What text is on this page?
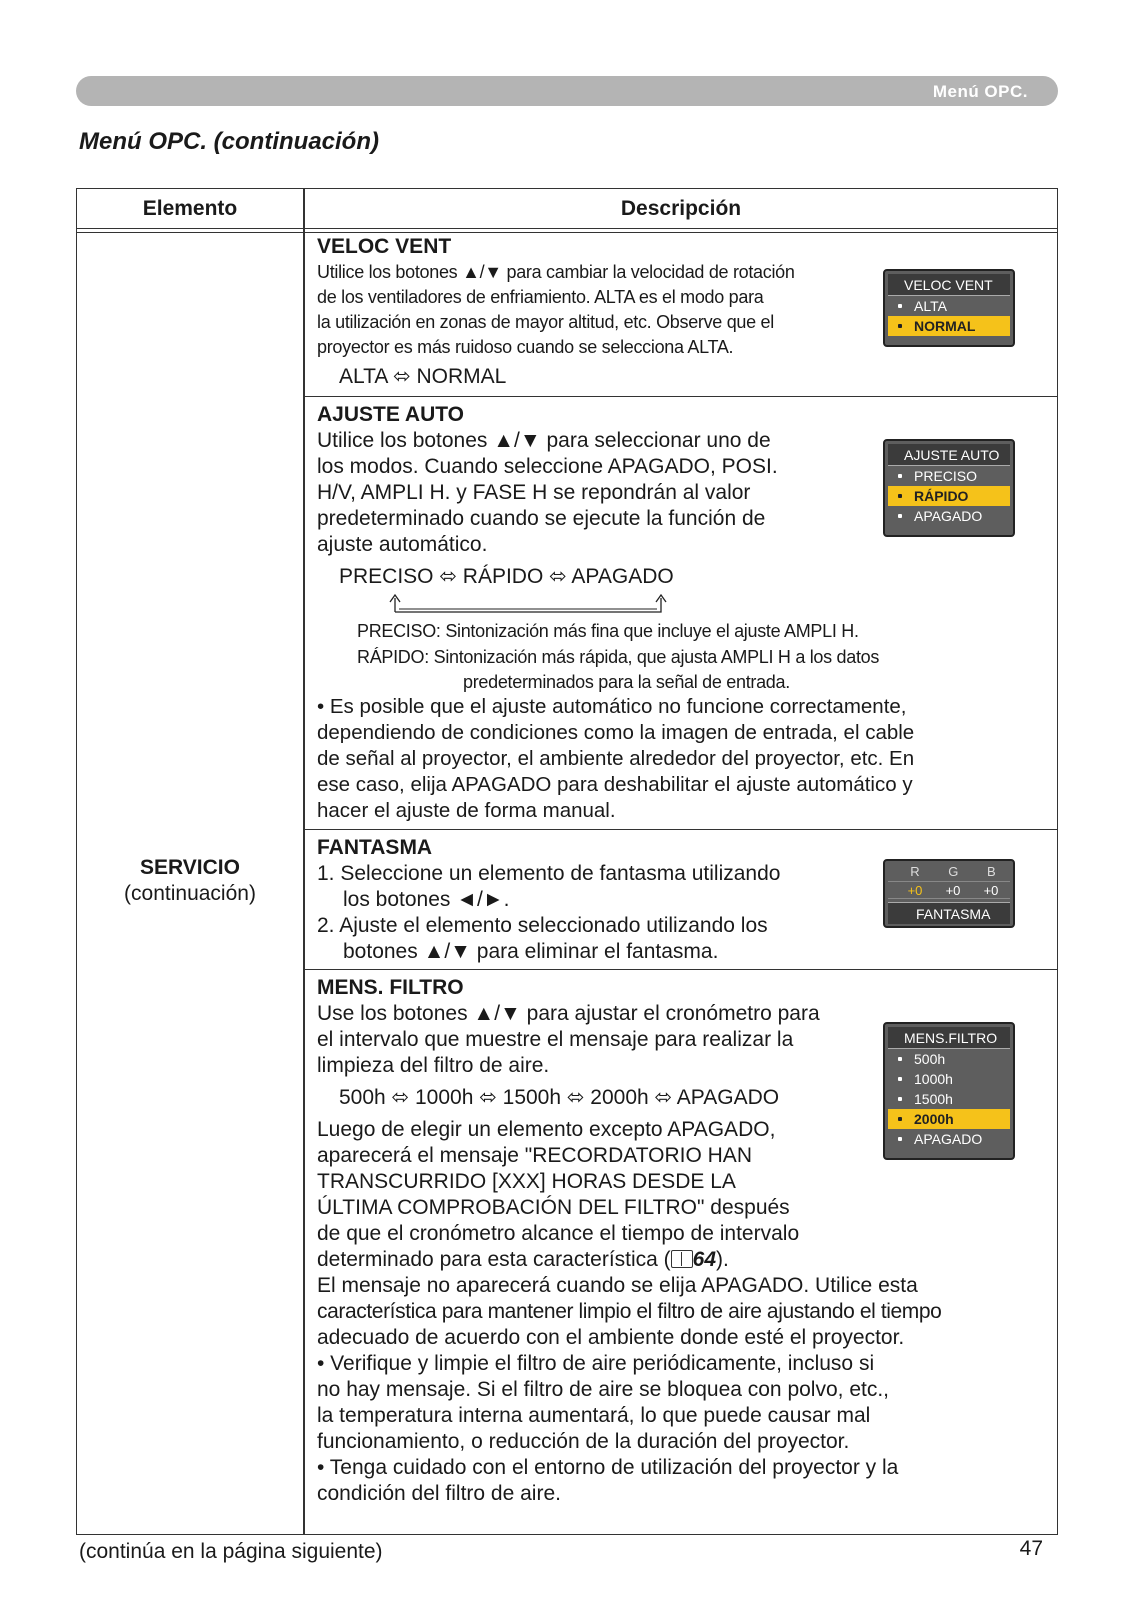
Menú OPC.
Menú OPC. (continuación)
Elemento	Descripción
SERVICIO
(continuación)
VELOC VENT

Utilice los botones ▲/▼ para cambiar la velocidad de rotación

de los ventiladores de enfriamiento. ALTA es el modo para

la utilización en zonas de mayor altitud, etc. Observe que el

proyector es más ruidoso cuando se selecciona ALTA.

ALTA ⬄ NORMAL

VELOC VENT
ALTA
NORMAL
AJUSTE AUTO

Utilice los botones ▲/▼ para seleccionar uno de

los modos. Cuando seleccione APAGADO, POSI.

H/V, AMPLI H. y FASE H se repondrán al valor

predeterminado cuando se ejecute la función de

ajuste automático.

PRECISO ⬄ RÁPIDO ⬄ APAGADO

PRECISO: Sintonización más fina que incluye el ajuste AMPLI H.

RÁPIDO: Sintonización más rápida, que ajusta AMPLI H a los datos

predeterminados para la señal de entrada.

• Es posible que el ajuste automático no funcione correctamente,

dependiendo de condiciones como la imagen de entrada, el cable

de señal al proyector, el ambiente alrededor del proyector, etc. En

ese caso, elija APAGADO para deshabilitar el ajuste automático y

hacer el ajuste de forma manual.

AJUSTE AUTO
PRECISO
RÁPIDO
APAGADO
FANTASMA

1. Seleccione un elemento de fantasma utilizando

los botones ◄/►.

2. Ajuste el elemento seleccionado utilizando los

botones ▲/▼ para eliminar el fantasma.

R G B
+0 +0 +0
FANTASMA
MENS. FILTRO

Use los botones ▲/▼ para ajustar el cronómetro para

el intervalo que muestre el mensaje para realizar la

limpieza del filtro de aire.

500h ⬄ 1000h ⬄ 1500h ⬄ 2000h ⬄ APAGADO

Luego de elegir un elemento excepto APAGADO,

aparecerá el mensaje "RECORDATORIO HAN

TRANSCURRIDO [XXX] HORAS DESDE LA

ÚLTIMA COMPROBACIÓN DEL FILTRO" después

de que el cronómetro alcance el tiempo de intervalo

determinado para esta característica ( 64).

El mensaje no aparecerá cuando se elija APAGADO. Utilice esta

característica para mantener limpio el filtro de aire ajustando el tiempo

adecuado de acuerdo con el ambiente donde esté el proyector.

• Verifique y limpie el filtro de aire periódicamente, incluso si

no hay mensaje. Si el filtro de aire se bloquea con polvo, etc.,

la temperatura interna aumentará, lo que puede causar mal

funcionamiento, o reducción de la duración del proyector.

• Tenga cuidado con el entorno de utilización del proyector y la

condición del filtro de aire.

MENS.FILTRO
500h
1000h
1500h
2000h
APAGADO
(continúa en la página siguiente)	47
